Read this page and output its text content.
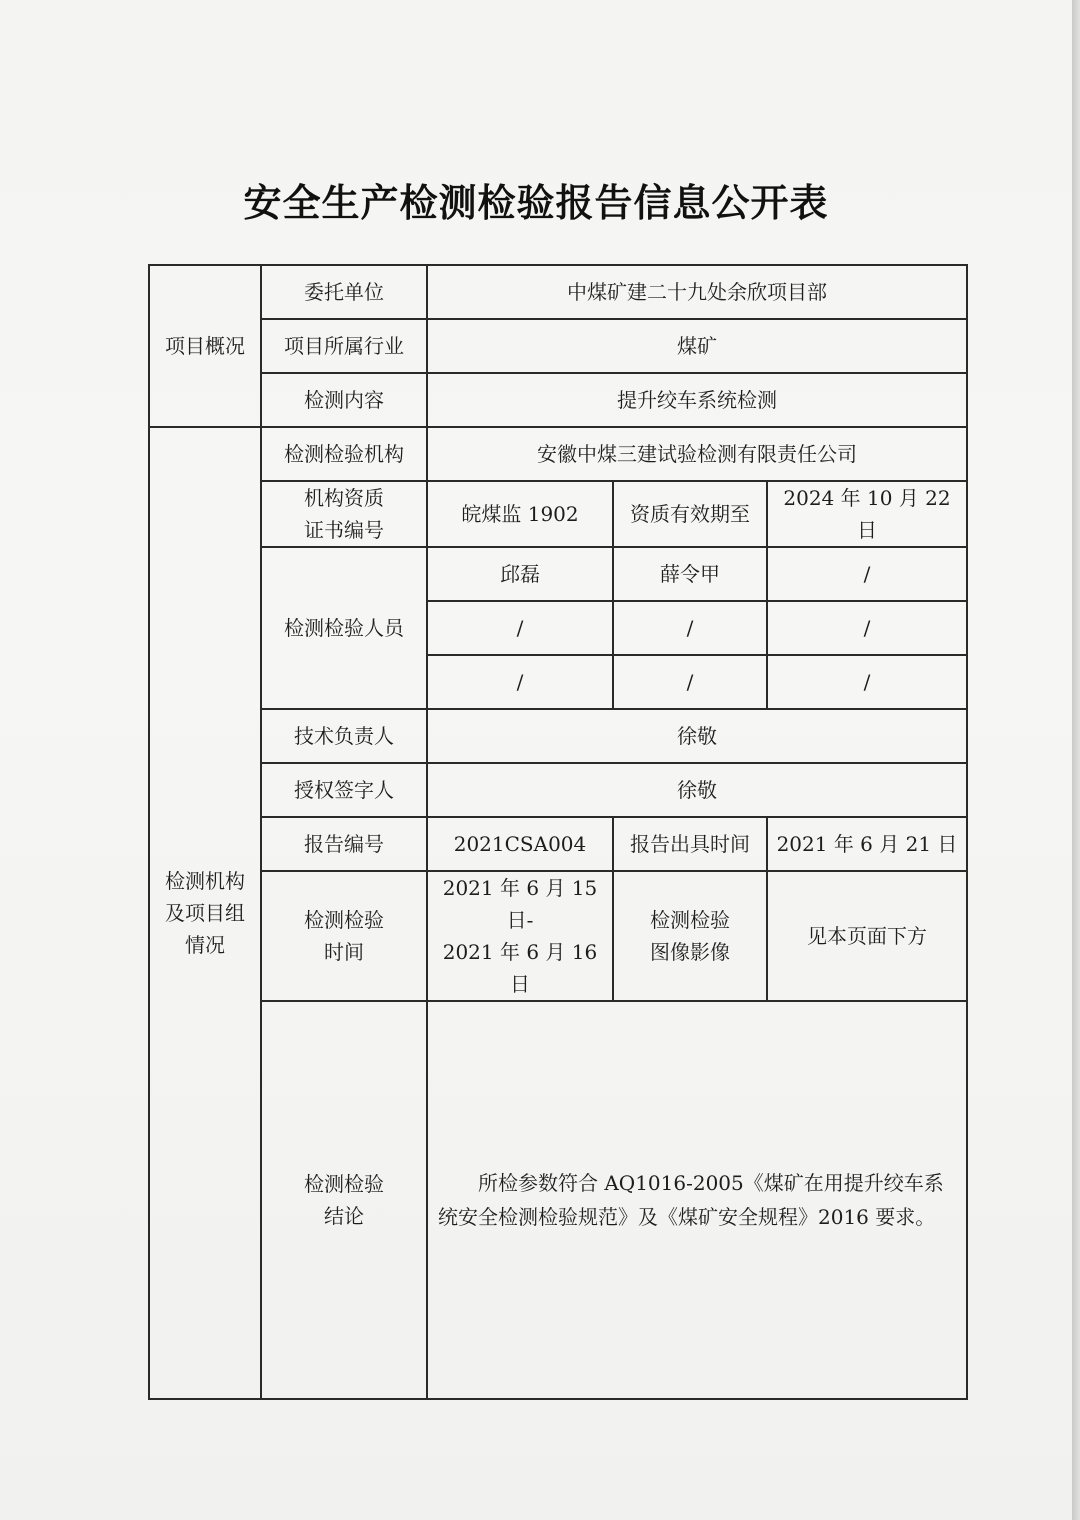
安全生产检测检验报告信息公开表
项目概况	委托单位	中煤矿建二十九处余欣项目部		
	项目所属行业	煤矿		
	检测内容	提升绞车系统检测		

检测机构
及项目组
情况	检测检验机构	安徽中煤三建试验检测有限责任公司		

	机构资质
证书编号	皖煤监 1902	资质有效期至	2024 年 10 月 22 日
	检测检验人员	邱磊	薛令甲	/
		/	/	/
		/	/	/
	技术负责人	徐敬		
	授权签字人	徐敬		
	报告编号	2021CSA004	报告出具时间	2021 年 6 月 21 日

	检测检验
时间	2021 年 6 月 15 日-
2021 年 6 月 16 日	检测检验
图像影像	见本页面下方

	检测检验
结论	所检参数符合 AQ1016-2005《煤矿在用提升绞车系统安全检测检验规范》及《煤矿安全规程》2016 要求。		
